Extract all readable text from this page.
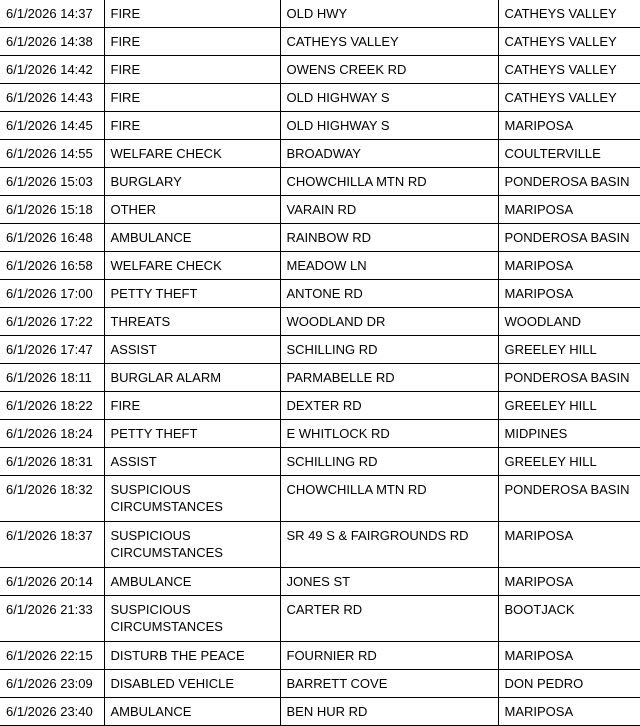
6/1/2026 14:37	FIRE	OLD HWY	CATHEYS VALLEY
6/1/2026 14:38	FIRE	CATHEYS VALLEY	CATHEYS VALLEY
6/1/2026 14:42	FIRE	OWENS CREEK RD	CATHEYS VALLEY
6/1/2026 14:43	FIRE	OLD HIGHWAY S	CATHEYS VALLEY
6/1/2026 14:45	FIRE	OLD HIGHWAY S	MARIPOSA
6/1/2026 14:55	WELFARE CHECK	BROADWAY	COULTERVILLE
6/1/2026 15:03	BURGLARY	CHOWCHILLA MTN RD	PONDEROSA BASIN
6/1/2026 15:18	OTHER	VARAIN RD	MARIPOSA
6/1/2026 16:48	AMBULANCE	RAINBOW RD	PONDEROSA BASIN
6/1/2026 16:58	WELFARE CHECK	MEADOW LN	MARIPOSA
6/1/2026 17:00	PETTY THEFT	ANTONE RD	MARIPOSA
6/1/2026 17:22	THREATS	WOODLAND DR	WOODLAND
6/1/2026 17:47	ASSIST	SCHILLING RD	GREELEY HILL
6/1/2026 18:11	BURGLAR ALARM	PARMABELLE RD	PONDEROSA BASIN
6/1/2026 18:22	FIRE	DEXTER RD	GREELEY HILL
6/1/2026 18:24	PETTY THEFT	E WHITLOCK RD	MIDPINES
6/1/2026 18:31	ASSIST	SCHILLING RD	GREELEY HILL
6/1/2026 18:32	SUSPICIOUS CIRCUMSTANCES	CHOWCHILLA MTN RD	PONDEROSA BASIN
6/1/2026 18:37	SUSPICIOUS CIRCUMSTANCES	SR 49 S & FAIRGROUNDS RD	MARIPOSA
6/1/2026 20:14	AMBULANCE	JONES ST	MARIPOSA
6/1/2026 21:33	SUSPICIOUS CIRCUMSTANCES	CARTER RD	BOOTJACK
6/1/2026 22:15	DISTURB THE PEACE	FOURNIER RD	MARIPOSA
6/1/2026 23:09	DISABLED VEHICLE	BARRETT COVE	DON PEDRO
6/1/2026 23:40	AMBULANCE	BEN HUR RD	MARIPOSA
